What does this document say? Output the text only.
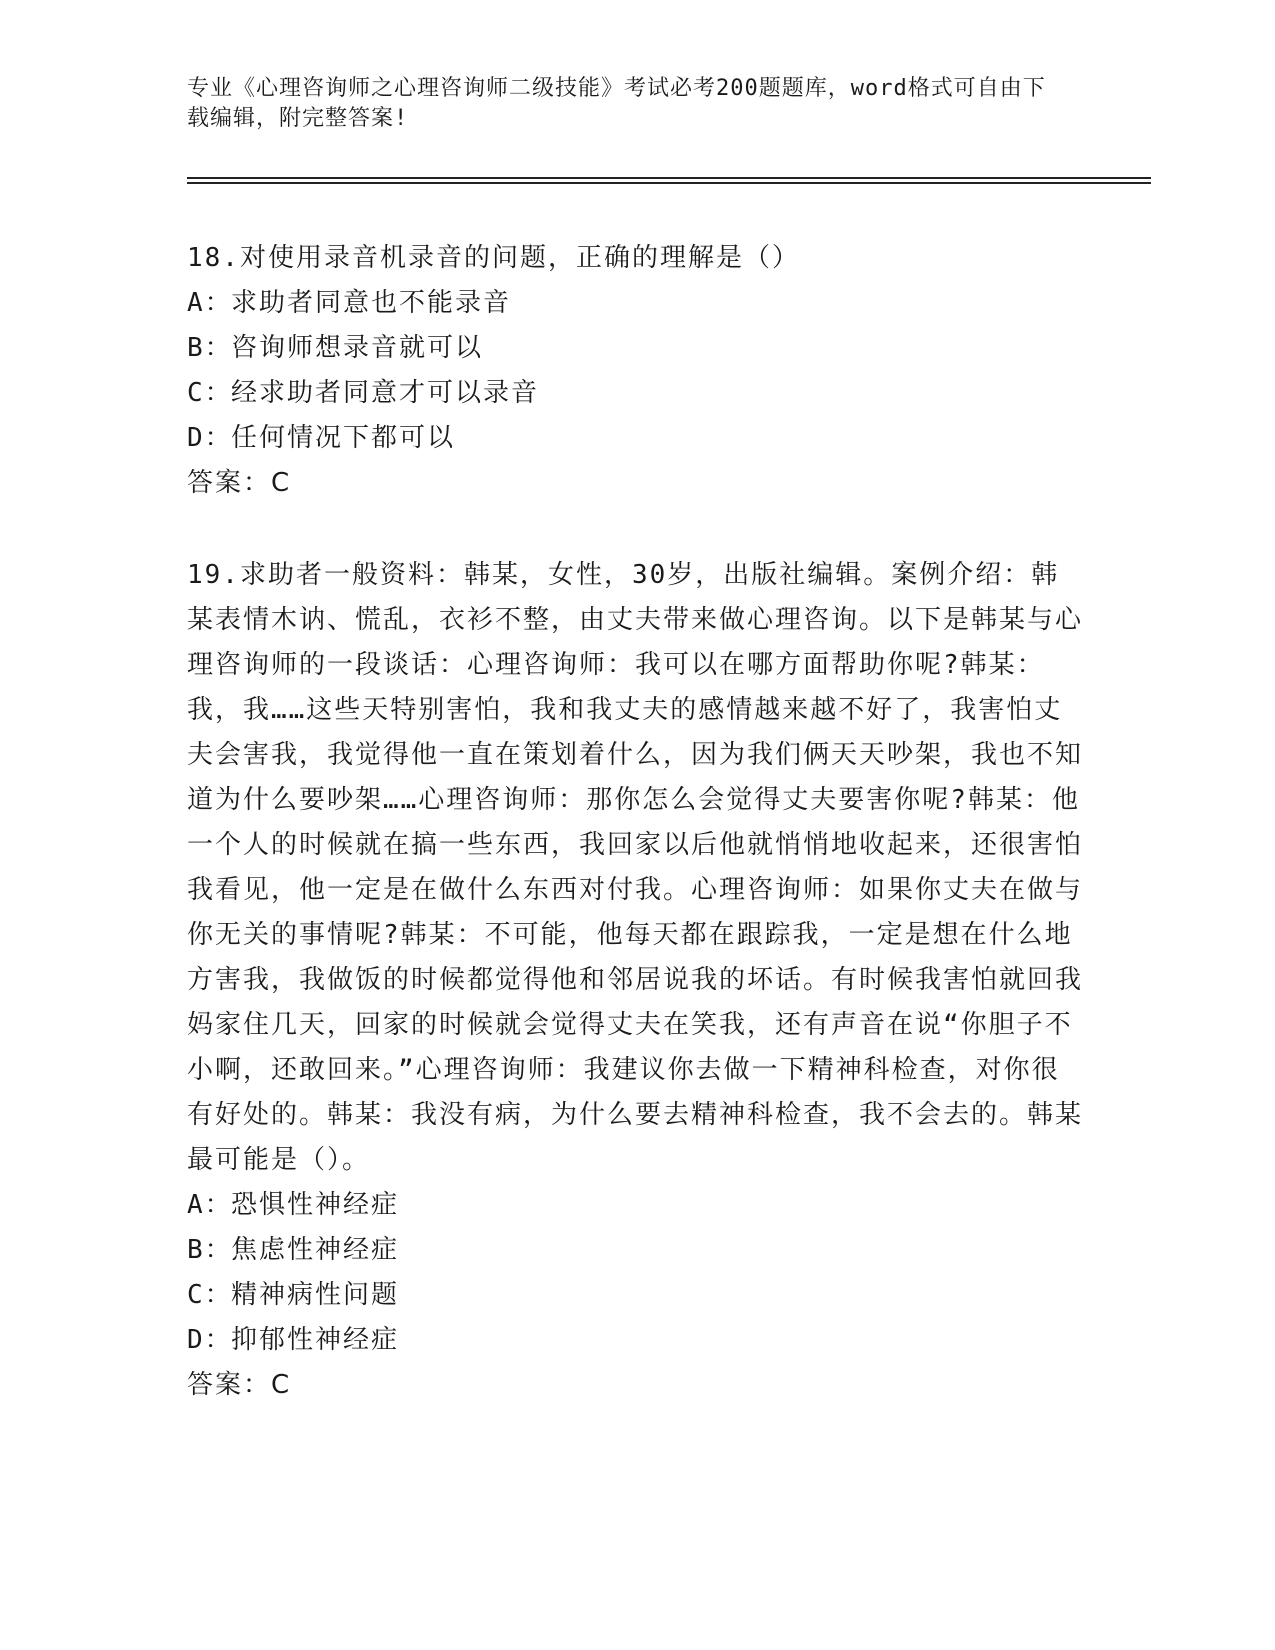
专业《心理咨询师之心理咨询师二级技能》考试必考200题题库，word格式可自由下载编辑，附完整答案!

18.对使用录音机录音的问题，正确的理解是（）

A：
求助者同意也不能录音

B：
咨询师想录音就可以

C：
经求助者同意才可以录音

D：
任何情况下都可以

答案：C

19.求助者一般资料：韩某，女性，30岁，出版社编辑。案例介绍：韩某表情木讷、慌乱，衣衫不整，由丈夫带来做心理咨询。以下是韩某与心理咨询师的一段谈话：心理咨询师：我可以在哪方面帮助你呢?韩某：我，我……这些天特别害怕，我和我丈夫的感情越来越不好了，我害怕丈夫会害我，我觉得他一直在策划着什么，因为我们俩天天吵架，我也不知道为什么要吵架……心理咨询师：那你怎么会觉得丈夫要害你呢?韩某：他一个人的时候就在搞一些东西，我回家以后他就悄悄地收起来，还很害怕我看见，他一定是在做什么东西对付我。心理咨询师：如果你丈夫在做与你无关的事情呢?韩某：不可能，他每天都在跟踪我，一定是想在什么地方害我，我做饭的时候都觉得他和邻居说我的坏话。有时候我害怕就回我妈家住几天，回家的时候就会觉得丈夫在笑我，还有声音在说“你胆子不小啊，还敢回来。”心理咨询师：我建议你去做一下精神科检查，对你很有好处的。韩某：我没有病，为什么要去精神科检查，我不会去的。韩某最可能是（）。

A：
恐惧性神经症

B：
焦虑性神经症

C：
精神病性问题

D：
抑郁性神经症

答案：C
